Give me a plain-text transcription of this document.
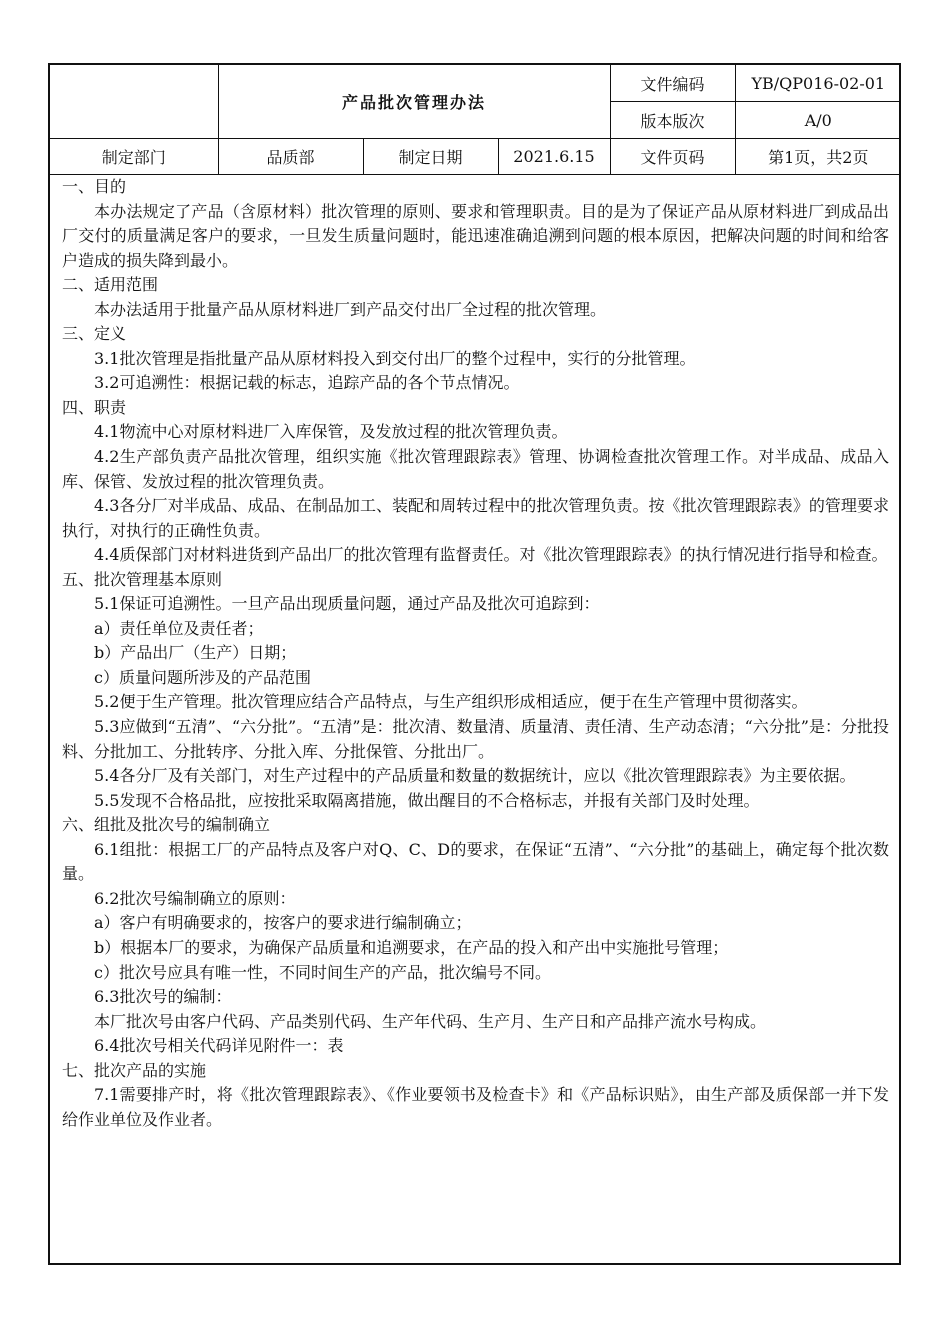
	产品批次管理办法			文件编码	YB/QP016-02-01
				版本版次	A/0
制定部门	品质部	制定日期	2021.6.15	文件页码	第1页，共2页

一、目的

本办法规定了产品（含原材料）批次管理的原则、要求和管理职责。目的是为了保证产品从原材料进厂到成品出厂交付的质量满足客户的要求，一旦发生质量问题时，能迅速准确追溯到问题的根本原因，把解决问题的时间和给客户造成的损失降到最小。

二、适用范围

本办法适用于批量产品从原材料进厂到产品交付出厂全过程的批次管理。

三、定义

3.1批次管理是指批量产品从原材料投入到交付出厂的整个过程中，实行的分批管理。

3.2可追溯性：根据记载的标志，追踪产品的各个节点情况。

四、职责

4.1物流中心对原材料进厂入库保管，及发放过程的批次管理负责。

4.2生产部负责产品批次管理，组织实施《批次管理跟踪表》管理、协调检查批次管理工作。对半成品、成品入库、保管、发放过程的批次管理负责。

4.3各分厂对半成品、成品、在制品加工、装配和周转过程中的批次管理负责。按《批次管理跟踪表》的管理要求执行，对执行的正确性负责。

4.4质保部门对材料进货到产品出厂的批次管理有监督责任。对《批次管理跟踪表》的执行情况进行指导和检查。

五、批次管理基本原则

5.1保证可追溯性。一旦产品出现质量问题，通过产品及批次可追踪到：

a）责任单位及责任者；

b）产品出厂（生产）日期；

c）质量问题所涉及的产品范围

5.2便于生产管理。批次管理应结合产品特点，与生产组织形成相适应，便于在生产管理中贯彻落实。

5.3应做到“五清”、“六分批”。“五清”是：批次清、数量清、质量清、责任清、生产动态清；“六分批”是：分批投料、分批加工、分批转序、分批入库、分批保管、分批出厂。

5.4各分厂及有关部门，对生产过程中的产品质量和数量的数据统计，应以《批次管理跟踪表》为主要依据。

5.5发现不合格品批，应按批采取隔离措施，做出醒目的不合格标志，并报有关部门及时处理。

六、组批及批次号的编制确立

6.1组批：根据工厂的产品特点及客户对Q、C、D的要求，在保证“五清”、“六分批”的基础上，确定每个批次数量。

6.2批次号编制确立的原则：

a）客户有明确要求的，按客户的要求进行编制确立；

b）根据本厂的要求，为确保产品质量和追溯要求，在产品的投入和产出中实施批号管理；

c）批次号应具有唯一性，不同时间生产的产品，批次编号不同。

6.3批次号的编制：

本厂批次号由客户代码、产品类别代码、生产年代码、生产月、生产日和产品排产流水号构成。

6.4批次号相关代码详见附件一：表

七、批次产品的实施

7.1需要排产时，将《批次管理跟踪表》、《作业要领书及检查卡》和《产品标识贴》，由生产部及质保部一并下发给作业单位及作业者。
